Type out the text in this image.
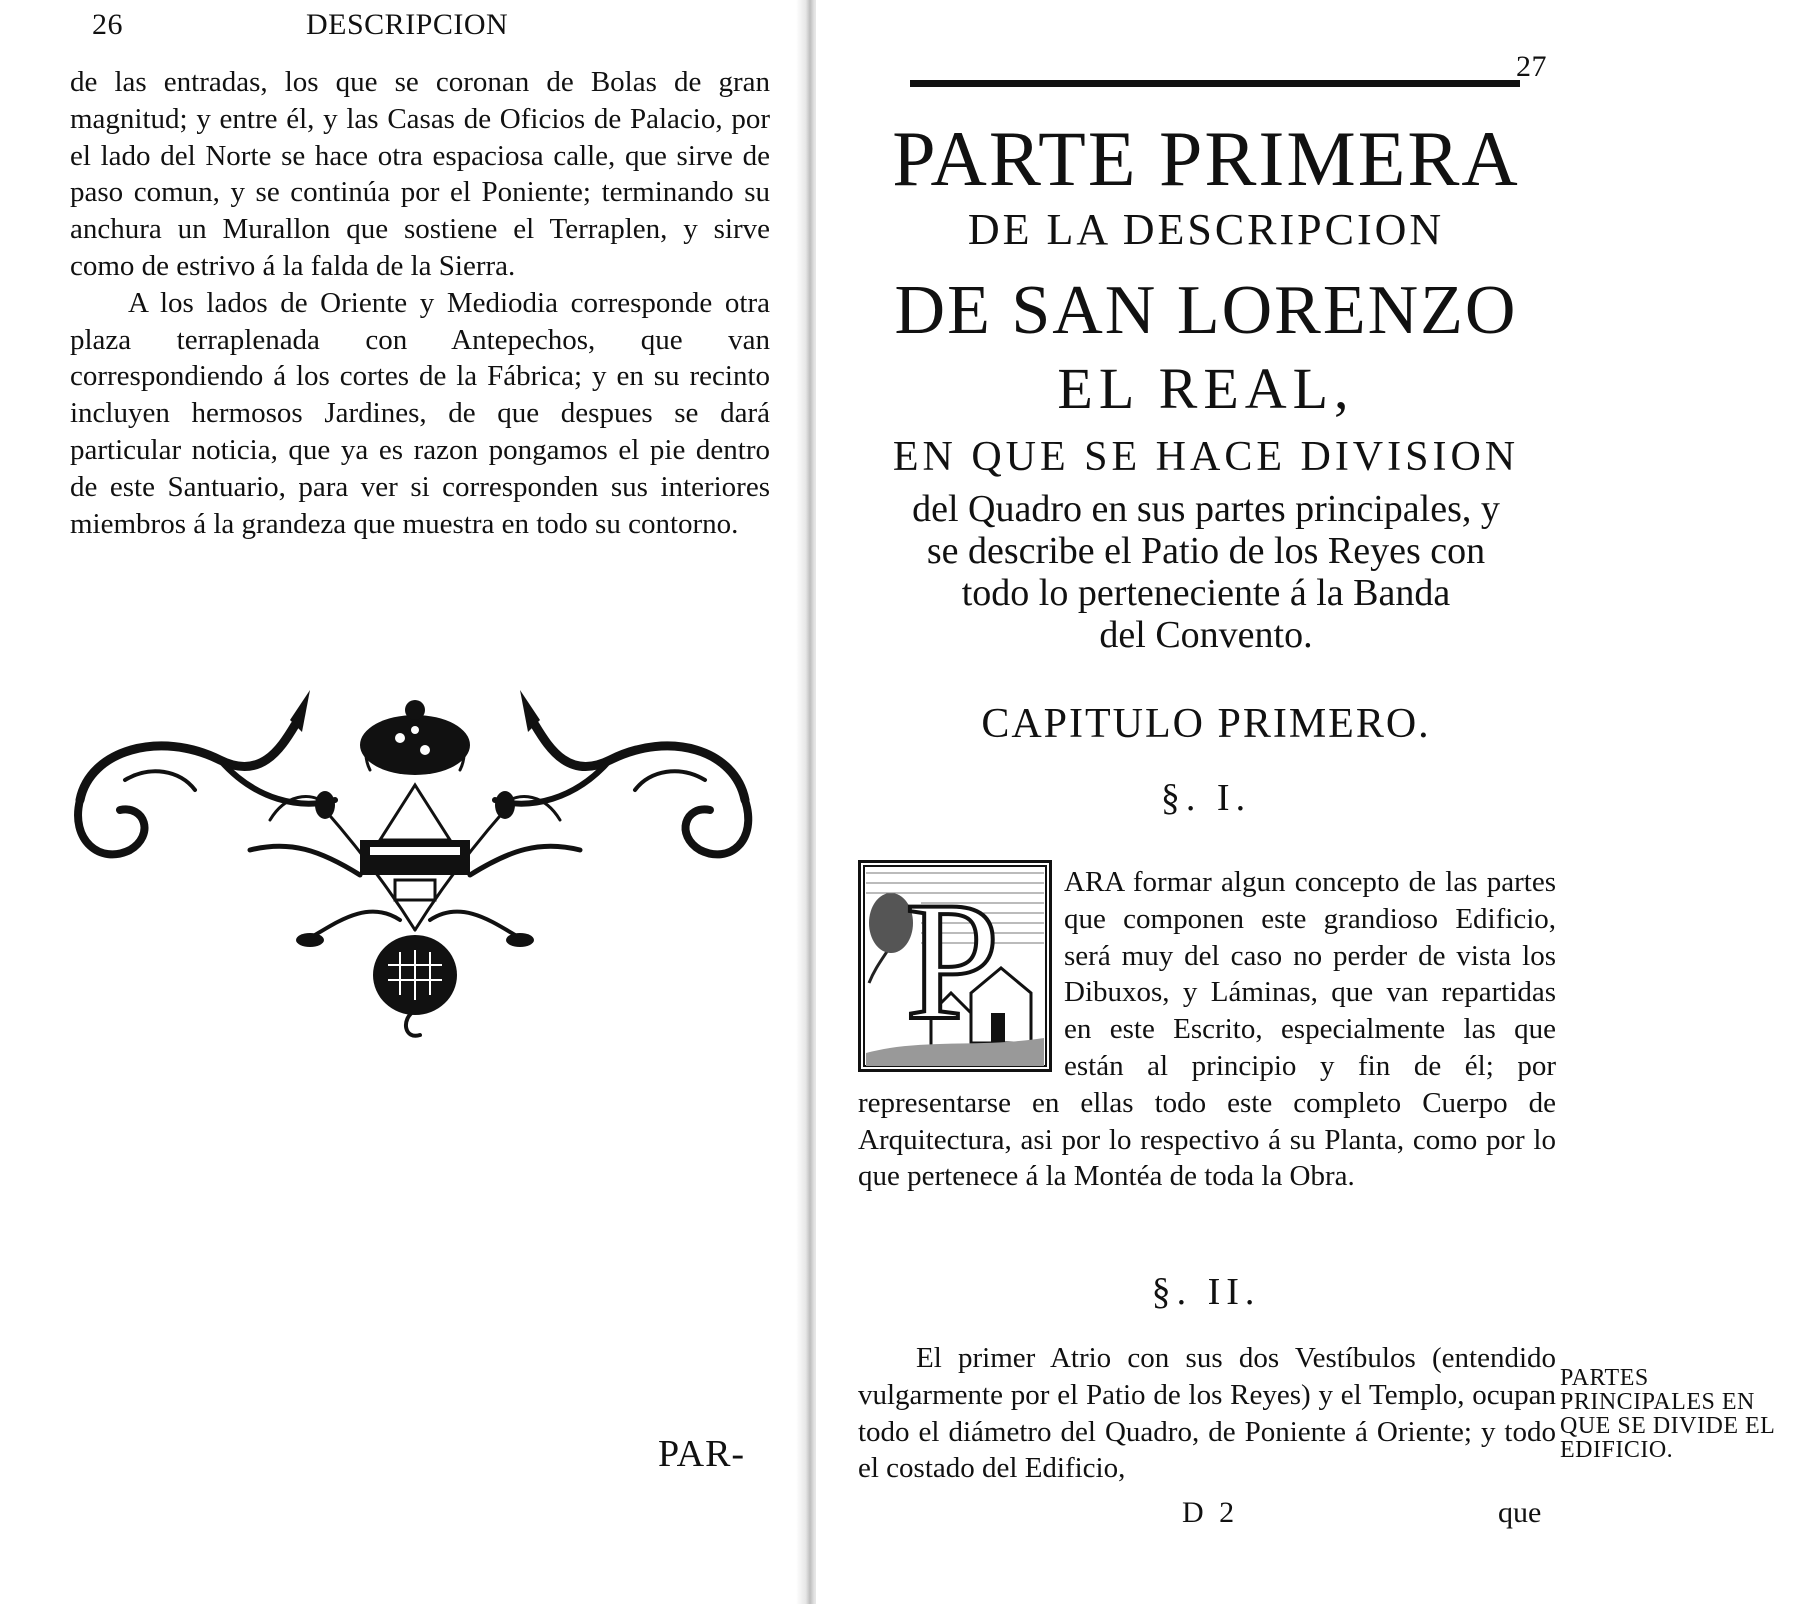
26	DESCRIPCION

de las entradas, los que se coronan de Bolas de gran magnitud; y entre él, y las Casas de Oficios de Palacio, por el lado del Norte se hace otra espaciosa calle, que sirve de paso comun, y se continúa por el Poniente; terminando su anchura un Murallon que sostiene el Terraplen, y sirve como de estrivo á la falda de la Sierra.

A los lados de Oriente y Mediodia corresponde otra plaza terraplenada con Antepechos, que van correspondiendo á los cortes de la Fábrica; y en su recinto incluyen hermosos Jardines, de que despues se dará particular noticia, que ya es razon pongamos el pie dentro de este Santuario, para ver si corresponden sus interiores miembros á la grandeza que muestra en todo su contorno.

PAR-
27
PARTE PRIMERA
DE LA DESCRIPCION
DE SAN LORENZO
EL REAL,
EN QUE SE HACE DIVISION
del Quadro en sus partes principales, y
se describe el Patio de los Reyes con
todo lo perteneciente á la Banda
del Convento.
CAPITULO PRIMERO.
§. I.
P	ARA formar algun concepto de las partes que componen este grandioso Edificio, será muy del caso no perder de vista los Dibuxos, y Láminas, que van repartidas en este Escrito, especialmente las que están al principio y fin de él; por representarse en ellas todo este completo Cuerpo de Arquitectura, asi por lo respectivo á su Planta, como por lo que pertenece á la Montéa de toda la Obra.
§. II.
El primer Atrio con sus dos Vestíbulos (entendido vulgarmente por el Patio de los Reyes) y el Templo, ocupan todo el diámetro del Quadro, de Poniente á Oriente; y todo el costado del Edificio,
PARTES PRINCIPALES EN QUE SE DIVIDE EL EDIFICIO.
D 2	que
